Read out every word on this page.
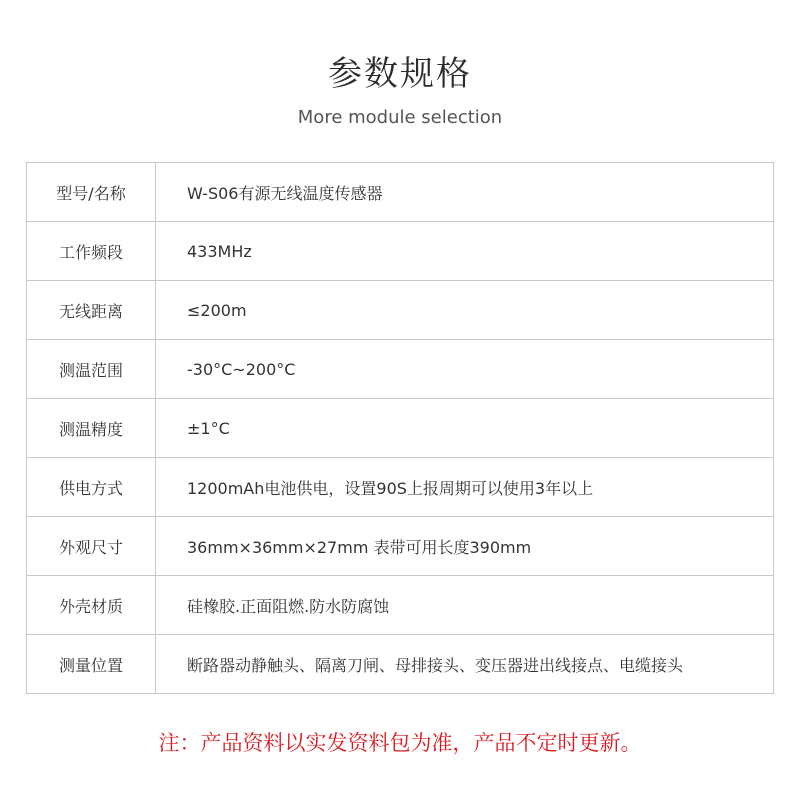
参数规格
More module selection
型号/名称	W-S06有源无线温度传感器
工作频段	433MHz
无线距离	≤200m
测温范围	-30°C~200°C
测温精度	±1°C
供电方式	1200mAh电池供电，设置90S上报周期可以使用3年以上
外观尺寸	36mm×36mm×27mm 表带可用长度390mm
外壳材质	硅橡胶.正面阻燃.防水防腐蚀
测量位置	断路器动静触头、隔离刀闸、母排接头、变压器进出线接点、电缆接头
注：产品资料以实发资料包为准，产品不定时更新。
